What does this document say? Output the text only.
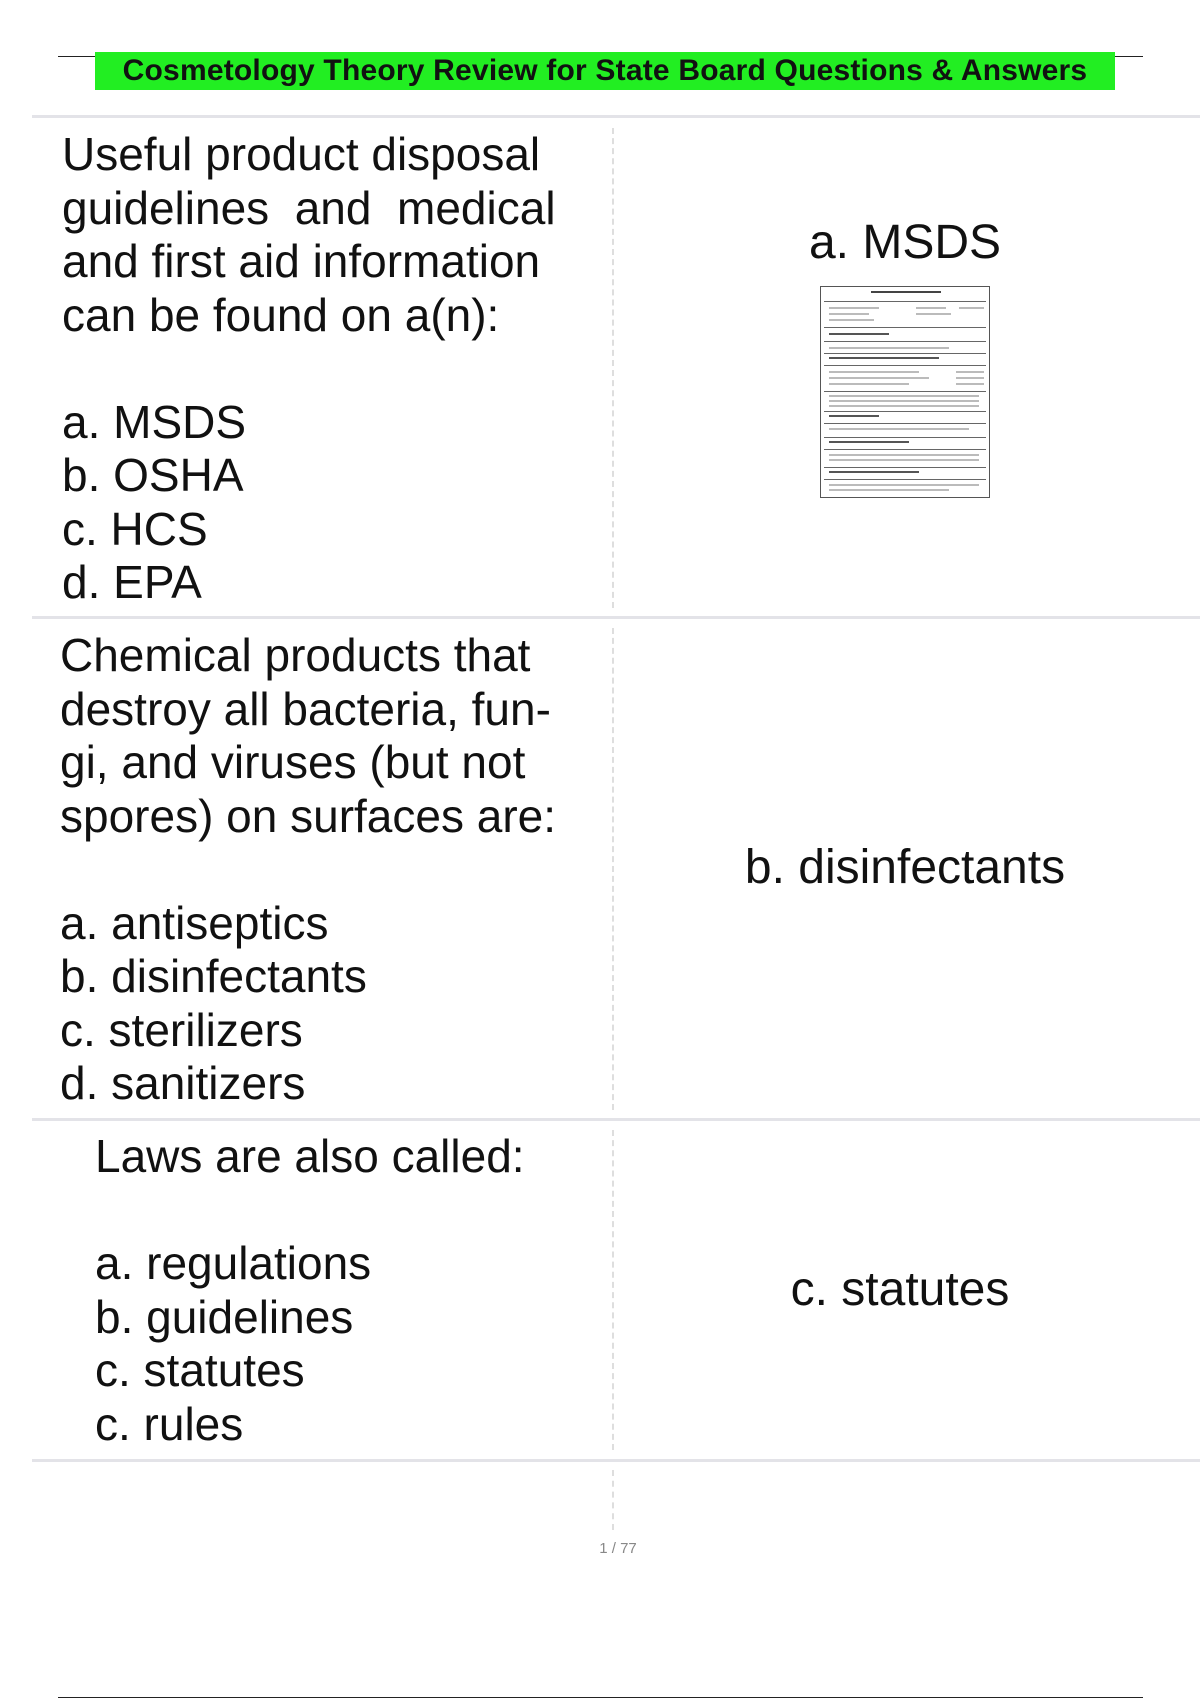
Cosmetology Theory Review for State Board Questions & Answers

Useful product disposal

guidelines  and  medical

and first aid information

can be found on a(n):

a. MSDS

b. OSHA

c. HCS

d. EPA

a. MSDS

Chemical products that

destroy all bacteria, fun-

gi, and viruses (but not

spores) on surfaces are:

a. antiseptics

b. disinfectants

c. sterilizers

d. sanitizers

b. disinfectants

Laws are also called:

a. regulations

b. guidelines

c. statutes

c. rules

c. statutes
1 / 77
